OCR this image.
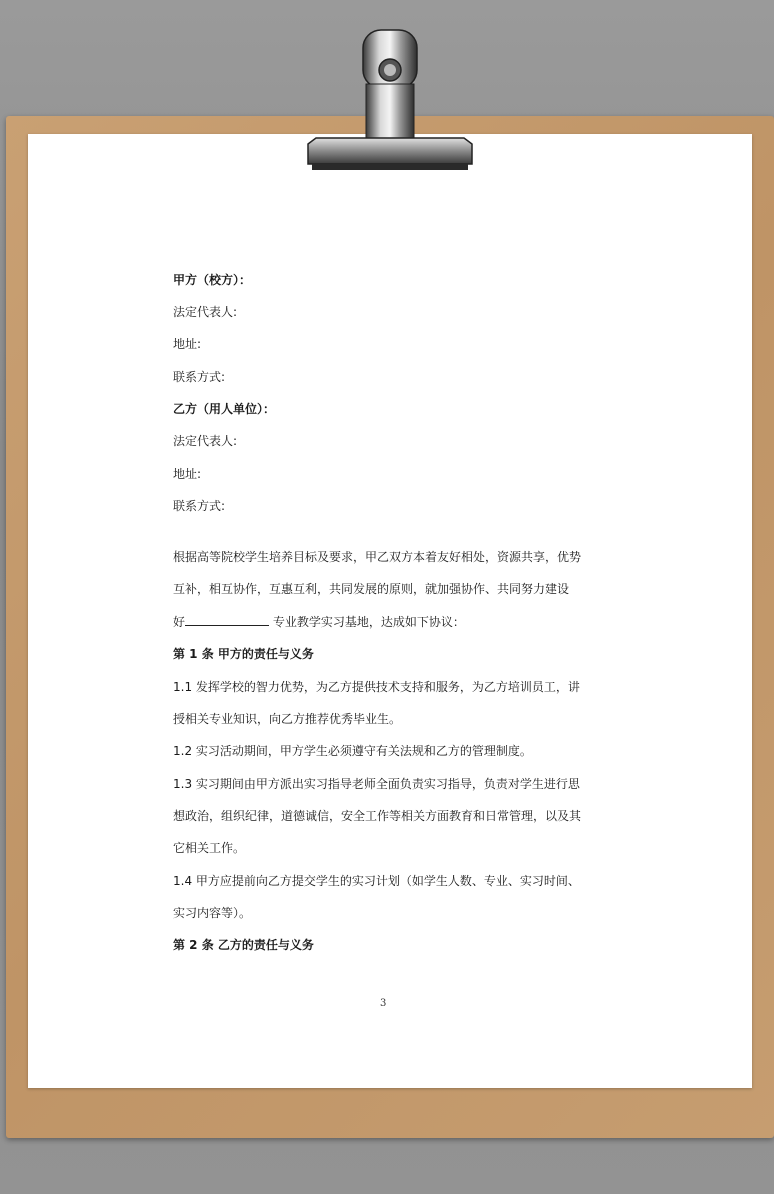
甲方（校方）：
法定代表人:
地址:
联系方式:
乙方（用人单位）：
法定代表人:
地址:
联系方式:
根据高等院校学生培养目标及要求，甲乙双方本着友好相处，资源共享，优势
互补，相互协作，互惠互利，共同发展的原则，就加强协作、共同努力建设
好	专业教学实习基地，达成如下协议：
第 1 条 甲方的责任与义务
1.1 发挥学校的智力优势，为乙方提供技术支持和服务，为乙方培训员工，讲
授相关专业知识，向乙方推荐优秀毕业生。
1.2 实习活动期间，甲方学生必须遵守有关法规和乙方的管理制度。
1.3 实习期间由甲方派出实习指导老师全面负责实习指导，负责对学生进行思
想政治，组织纪律，道德诚信，安全工作等相关方面教育和日常管理，以及其
它相关工作。
1.4 甲方应提前向乙方提交学生的实习计划（如学生人数、专业、实习时间、
实习内容等）。
第 2 条 乙方的责任与义务
3
